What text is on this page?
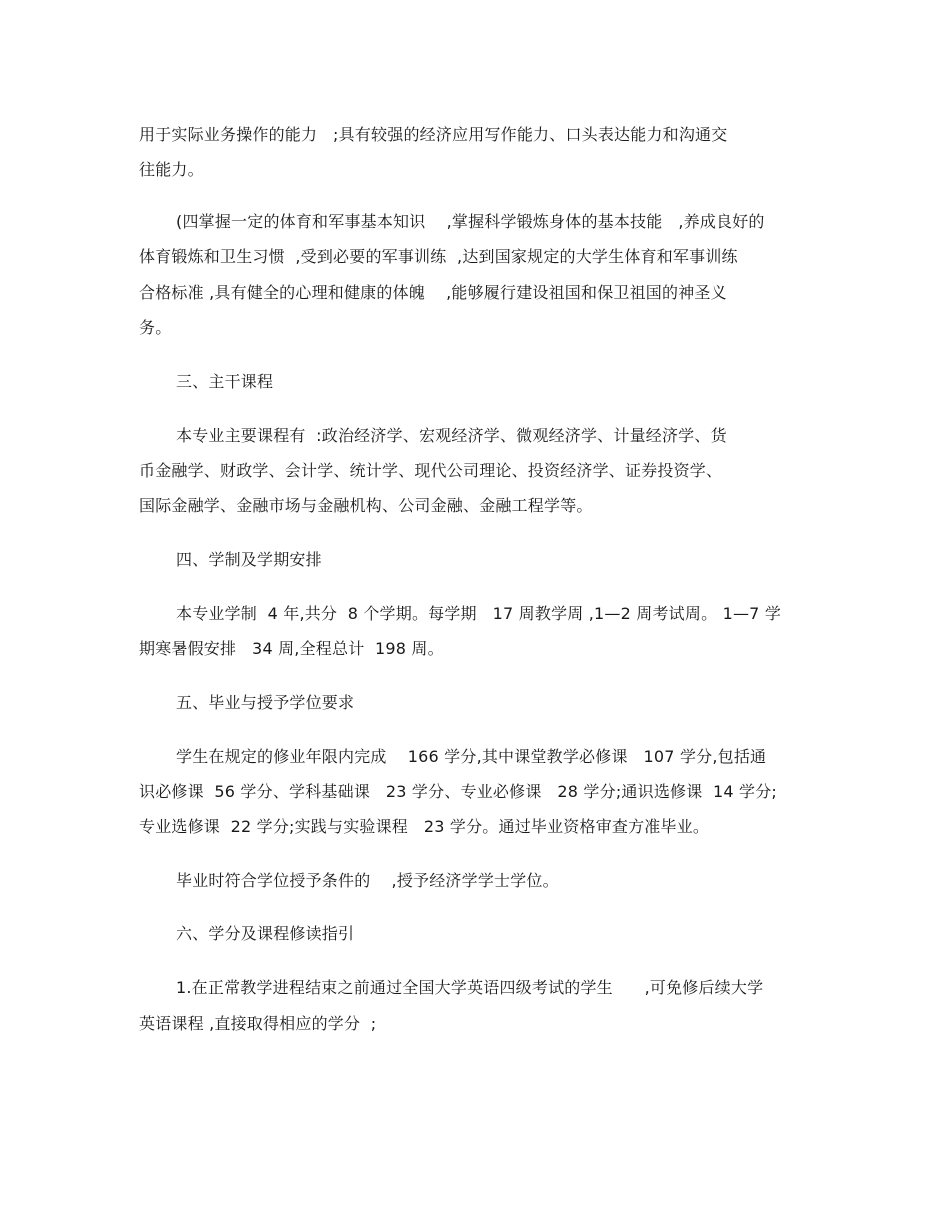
用于实际业务操作的能力   ;具有较强的经济应用写作能力、口头表达能力和沟通交
往能力。
(四掌握一定的体育和军事基本知识    ,掌握科学锻炼身体的基本技能   ,养成良好的
体育锻炼和卫生习惯  ,受到必要的军事训练  ,达到国家规定的大学生体育和军事训练
合格标准 ,具有健全的心理和健康的体魄    ,能够履行建设祖国和保卫祖国的神圣义
务。
三、主干课程
本专业主要课程有  :政治经济学、宏观经济学、微观经济学、计量经济学、货
币金融学、财政学、会计学、统计学、现代公司理论、投资经济学、证券投资学、
国际金融学、金融市场与金融机构、公司金融、金融工程学等。
四、学制及学期安排
本专业学制  4 年,共分  8 个学期。每学期   17 周教学周 ,1—2 周考试周。 1—7 学
期寒暑假安排   34 周,全程总计  198 周。
五、毕业与授予学位要求
学生在规定的修业年限内完成    166 学分,其中课堂教学必修课   107 学分,包括通
识必修课  56 学分、学科基础课   23 学分、专业必修课   28 学分;通识选修课  14 学分;
专业选修课  22 学分;实践与实验课程   23 学分。通过毕业资格审查方准毕业。
毕业时符合学位授予条件的    ,授予经济学学士学位。
六、学分及课程修读指引
1.在正常教学进程结束之前通过全国大学英语四级考试的学生      ,可免修后续大学
英语课程 ,直接取得相应的学分  ;
